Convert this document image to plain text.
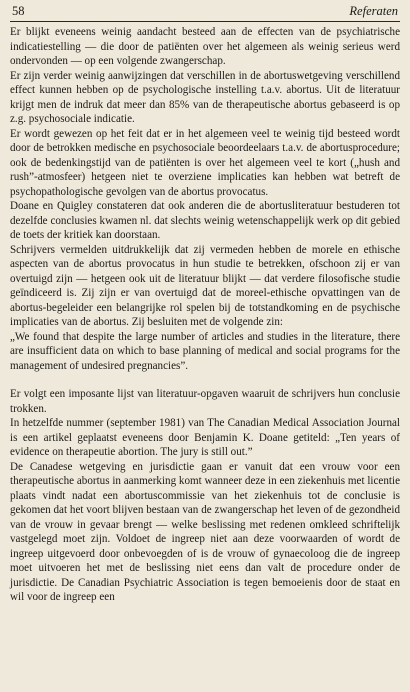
58	Referaten

Er blijkt eveneens weinig aandacht besteed aan de effecten van de psychiatrische indicatiestelling — die door de patiënten over het algemeen als weinig serieus werd ondervonden — op een volgende zwangerschap.

Er zijn verder weinig aanwijzingen dat verschillen in de abortuswetgeving verschillend effect kunnen hebben op de psychologische instelling t.a.v. abortus. Uit de literatuur krijgt men de indruk dat meer dan 85% van de therapeutische abortus gebaseerd is op z.g. psychosociale indicatie.

Er wordt gewezen op het feit dat er in het algemeen veel te weinig tijd besteed wordt door de betrokken medische en psychosociale beoordeelaars t.a.v. de abortusprocedure; ook de bedenkingstijd van de patiënten is over het algemeen veel te kort („hush and rush”-atmosfeer) hetgeen niet te overziene implicaties kan hebben wat betreft de psychopathologische gevolgen van de abortus provocatus.

Doane en Quigley constateren dat ook anderen die de abortusliteratuur bestuderen tot dezelfde conclusies kwamen nl. dat slechts weinig wetenschappelijk werk op dit gebied de toets der kritiek kan doorstaan.

Schrijvers vermelden uitdrukkelijk dat zij vermeden hebben de morele en ethische aspecten van de abortus provocatus in hun studie te betrekken, ofschoon zij er van overtuigd zijn — hetgeen ook uit de literatuur blijkt — dat verdere filosofische studie geïndiceerd is. Zij zijn er van overtuigd dat de moreel-ethische opvattingen van de abortus-begeleider een belangrijke rol spelen bij de totstandkoming en de psychische implicaties van de abortus. Zij besluiten met de volgende zin:

„We found that despite the large number of articles and studies in the literature, there are insufficient data on which to base planning of medical and social programs for the management of undesired pregnancies”.

Er volgt een imposante lijst van literatuur-opgaven waaruit de schrijvers hun conclusie trokken.

In hetzelfde nummer (september 1981) van The Canadian Medical Association Journal is een artikel geplaatst eveneens door Benjamin K. Doane getiteld: „Ten years of evidence on therapeutie abortion. The jury is still out.”

De Canadese wetgeving en jurisdictie gaan er vanuit dat een vrouw voor een therapeutische abortus in aanmerking komt wanneer deze in een ziekenhuis met licentie plaats vindt nadat een abortuscommissie van het ziekenhuis tot de conclusie is gekomen dat het voort blijven bestaan van de zwangerschap het leven of de gezondheid van de vrouw in gevaar brengt — welke beslissing met redenen omkleed schriftelijk vastgelegd moet zijn. Voldoet de ingreep niet aan deze voorwaarden of wordt de ingreep uitgevoerd door onbevoegden of is de vrouw of gynaecoloog die de ingreep moet uitvoeren het met de beslissing niet eens dan valt de procedure onder de jurisdictie. De Canadian Psychiatric Association is tegen bemoeienis door de staat en wil voor de ingreep een
